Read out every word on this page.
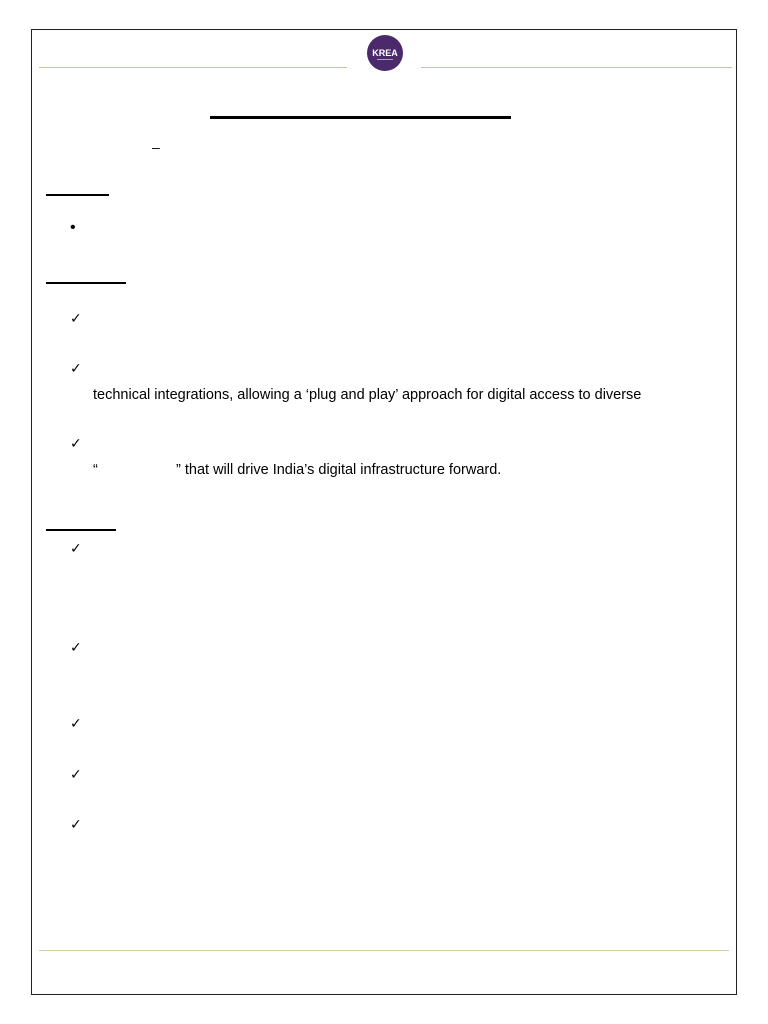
KREA
–
•
✓
✓
technical integrations, allowing a ‘plug and play’ approach for digital access to diverse
✓
“	” that will drive India’s digital infrastructure forward.
✓
✓
✓
✓
✓
